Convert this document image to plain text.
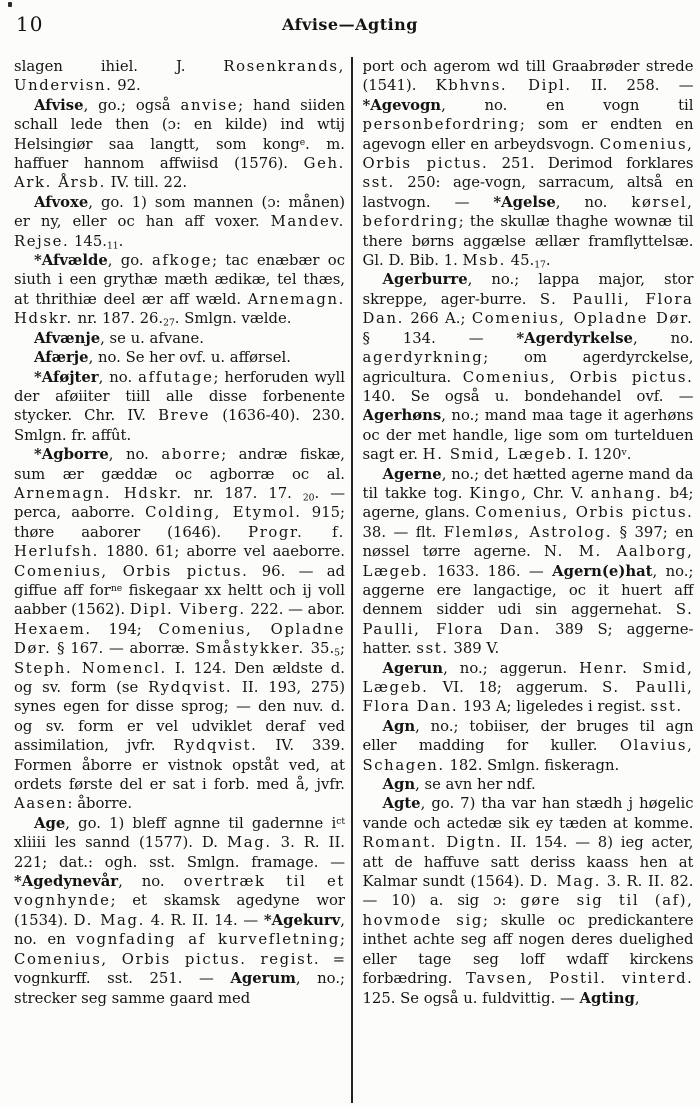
10	Afvise—Agting

slagen ihiel. J. Rosenkrands, Undervisn. 92.

Afvise, go.; også anvise; hand siiden schall lede then (ɔ: en kilde) ind wtij Helsingiør saa langtt, som kong$^e$. m. haffuer hannom affwiisd (1576). Geh. Ark. Årsb. IV. till. 22.

Afvoxe, go. 1) som mannen (ɔ: månen) er ny, eller oc han aff voxer. Mandev. Rejse. $145._{11}$.

*Afvælde, go. afkoge; tac enæbær oc siuth i een grythæ mæth ædikæ, tel thæs, at thrithiæ deel ær aff wæld. Arnemagn. Hdskr. nr. 187. $26._{27}$. Smlgn. vælde.

Afvænje, se u. afvane.

Afærje, no. Se her ovf. u. afførsel.

*Aføjter, no. affutage; herforuden wyll der aføiiter tiill alle disse forbenente stycker. Chr. IV. Breve (1636-40). 230. Smlgn. fr. affût.

*Agborre, no. aborre; andræ fiskæ, sum ær gæddæ oc agborræ oc al. Arnemagn. Hdskr. nr. 187. 17. $_{20}$. — perca, aaborre. Colding, Etymol. 915; thøre aaborer (1646). Progr. f. Herlufsh. 1880. 61; aborre vel aaeborre. Comenius, Orbis pictus. 96. — ad giffue aff for$^{ne}$ fiskegaar xx heltt och ij voll aabber (1562). Dipl. Viberg. 222. — abor. Hexaem. 194; Comenius, Opladne Dør. § 167. — aborræ. Småstykker. $35._5$; Steph. Nomencl. I. 124. Den ældste d. og sv. form (se Rydqvist. II. 193, 275) synes egen for disse sprog; — den nuv. d. og sv. form er vel udviklet deraf ved assimilation, jvfr. Rydqvist. IV. 339. Formen åborre er vistnok opståt ved, at ordets første del er sat i forb. med å, jvfr. Aasen: åborre.

Age, go. 1) bleff agnne til gadernne $i^{ct}$ xliiii les sannd (1577). D. Mag. 3. R. II. 221; dat.: ogh. sst. Smlgn. framage. — *Agedynevår, no. overtræk til et vognhynde; et skamsk agedyne wor (1534). D. Mag. 4. R. II. 14. — *Agekurv, no. en vognfading af kurvefletning; Comenius, Orbis pictus. regist. = vognkurff. sst. 251. — Agerum, no.; strecker seg samme gaard med

port och agerom wd till Graabrøder strede (1541). Kbhvns. Dipl. II. 258. — *Agevogn, no. en vogn til personbefordring; som er endten en agevogn eller en arbeydsvogn. Comenius, Orbis pictus. 251. Derimod forklares sst. 250: age-vogn, sarracum, altså en lastvogn. — *Agelse, no. kørsel, befordring; the skullæ thaghe wownæ til there børns aggælse ællær framflyttelsæ. Gl. D. Bib. 1. Msb. $45._{17}$.

Agerburre, no.; lappa major, stor skreppe, ager-burre. S. Paulli, Flora Dan. 266 A.; Comenius, Opladne Dør. § 134. — *Agerdyrkelse, no. agerdyrkning; om agerdyrckelse, agricultura. Comenius, Orbis pictus. 140. Se også u. bondehandel ovf. — Agerhøns, no.; mand maa tage it agerhøns oc der met handle, lige som om turtelduen sagt er. H. Smid, Lægeb. I. 120$^v$.

Agerne, no.; det hætted agerne mand da til takke tog. Kingo, Chr. V. anhang. b4; agerne, glans. Comenius, Orbis pictus. 38. — flt. Flemløs, Astrolog. § 397; en nøssel tørre agerne. N. M. Aalborg, Lægeb. 1633. 186. — Agern(e)hat, no.; aggerne ere langactige, oc it huert aff dennem sidder udi sin aggernehat. S. Paulli, Flora Dan. 389 S; aggerne-hatter. sst. 389 V.

Agerun, no.; aggerun. Henr. Smid, Lægeb. VI. 18; aggerum. S. Paulli, Flora Dan. 193 A; ligeledes i regist. sst.

Agn, no.; tobiiser, der bruges til agn eller madding for kuller. Olavius, Schagen. 182. Smlgn. fiskeragn.

Agn, se avn her ndf.

Agte, go. 7) tha var han stædh j høgelic vande och actedæ sik ey tæden at komme. Romant. Digtn. II. 154. — 8) ieg acter, att de haffuve satt deriss kaass hen at Kalmar sundt (1564). D. Mag. 3. R. II. 82. — 10) a. sig ɔ: gøre sig til (af), hovmode sig; skulle oc predickantere inthet achte seg aff nogen deres duelighed eller tage seg loff wdaff kirckens forbædring. Tavsen, Postil. vinterd. 125. Se også u. fuldvittig. — Agting,
